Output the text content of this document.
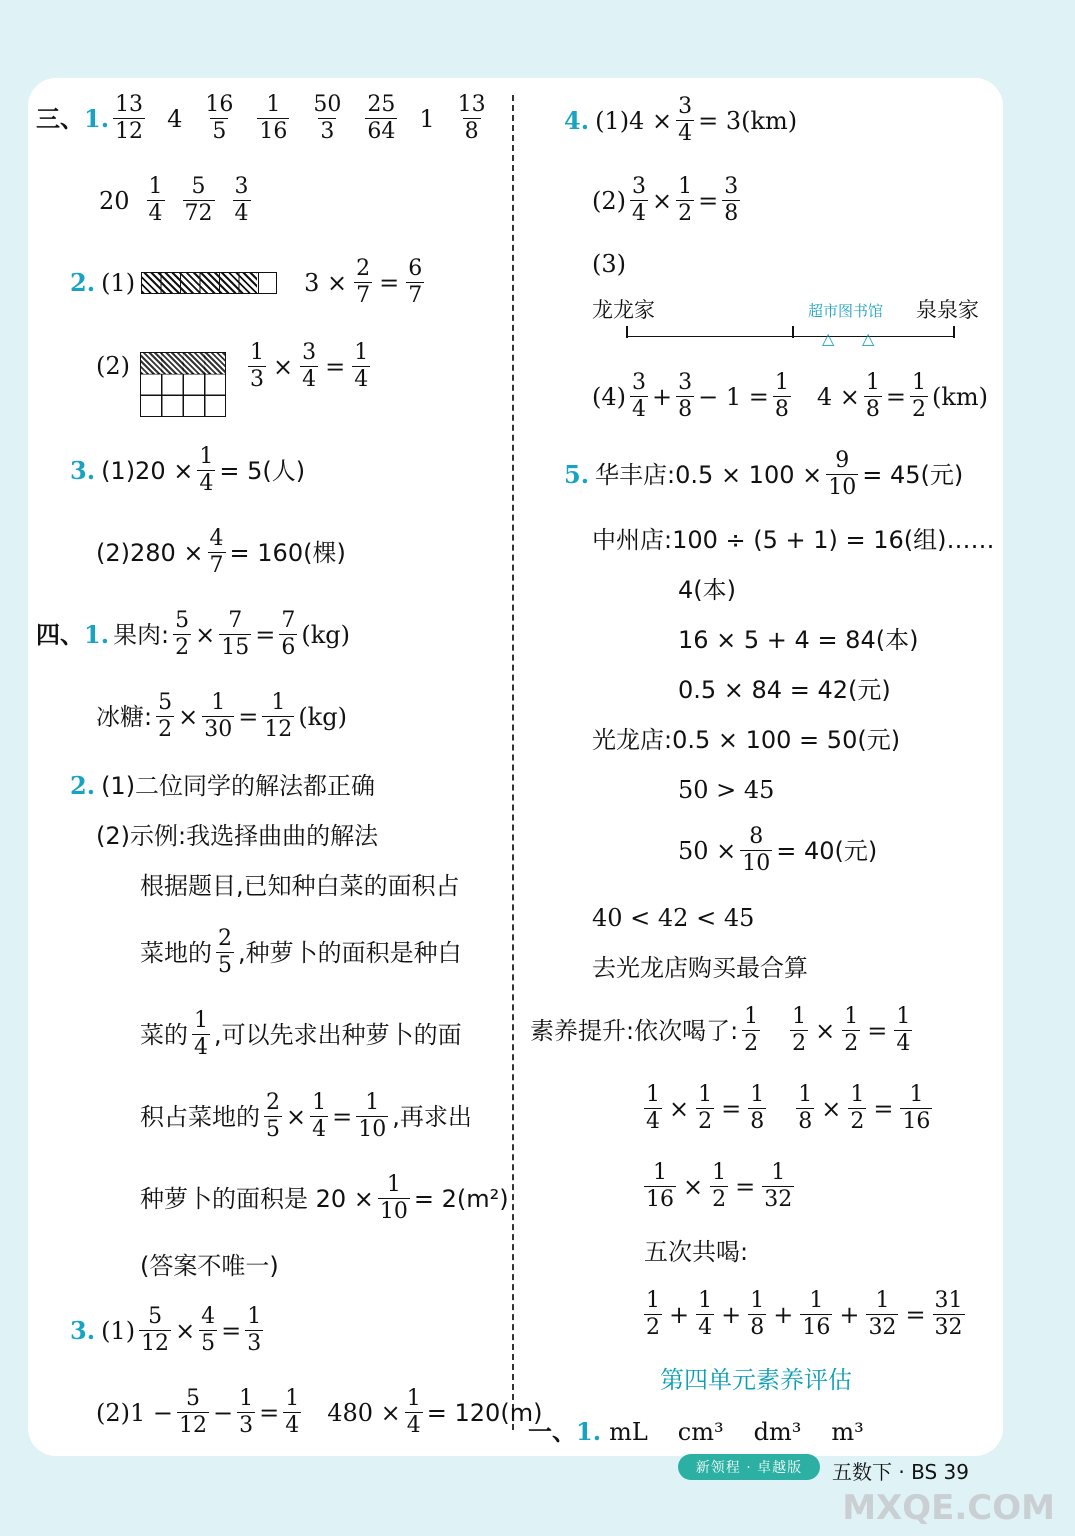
三、 1. $\frac{13}{12} 4 \frac{16}{5} \frac{1}{16} \frac{50}{3} \frac{25}{64} 1 \frac{13}{8}$
$20 \frac{1}{4} \frac{5}{72} \frac{3}{4}$
2. (1)	$3 \times \frac{2}{7} = \frac{6}{7}$
(2)	$\frac{1}{3} \times \frac{3}{4} = \frac{1}{4}$
3. $(1)20 \times \frac{1}{4} = 5$(人)
$(2)280 \times \frac{4}{7} = 160$(棵)
四、 1. 果肉: $\frac{5}{2} \times \frac{7}{15} = \frac{7}{6} (kg)$
冰糖: $\frac{5}{2} \times \frac{1}{30} = \frac{1}{12} (kg)$
2. (1)二位同学的解法都正确
(2)示例:我选择曲曲的解法
根据题目,已知种白菜的面积占
菜地的 $\frac{2}{5}$ ,种萝卜的面积是种白
菜的 $\frac{1}{4}$ ,可以先求出种萝卜的面
积占菜地的 $\frac{2}{5} \times \frac{1}{4} = \frac{1}{10}$ ,再求出
种萝卜的面积是 $20 \times \frac{1}{10} = 2(m^2)$
(答案不唯一)
3. $(1) \frac{5}{12} \times \frac{4}{5} = \frac{1}{3}$
$(2)1 - \frac{5}{12} - \frac{1}{3} = \frac{1}{4} 480 \times \frac{1}{4} = 120(m)$
4. $(1)4 \times \frac{3}{4} = 3(km)$
$(2) \frac{3}{4} \times \frac{1}{2} = \frac{3}{8}$
(3)
龙龙家	超市图书馆 泉泉家
△ △
$(4) \frac{3}{4} + \frac{3}{8} - 1 = \frac{1}{8} 4 \times \frac{1}{8} = \frac{1}{2} (km)$
5. 华丰店:0.5 × $100 \times \frac{9}{10} = 45$(元)
中州店:100 ÷ (5 + 1) = 16(组)……
4(本)
16 × 5 + 4 = 84(本)
0.5 × 84 = 42(元)
光龙店:0.5 × 100 = 50(元)
50 > 45
$50 \times \frac{8}{10} = 40$(元)
40 < 42 < 45
去光龙店购买最合算
素养提升:依次喝了: $\frac{1}{2} \frac{1}{2} \times \frac{1}{2} = \frac{1}{4}$
$\frac{1}{4} \times \frac{1}{2} = \frac{1}{8} \frac{1}{8} \times \frac{1}{2} = \frac{1}{16}$
$\frac{1}{16} \times \frac{1}{2} = \frac{1}{32}$
五次共喝:
$\frac{1}{2} + \frac{1}{4} + \frac{1}{8} + \frac{1}{16} + \frac{1}{32} = \frac{31}{32}$
第四单元素养评估
一、 1. mL cm³ dm³ m³
新领程 · 卓越版	五数下 · BS 39
MXQE.COM
